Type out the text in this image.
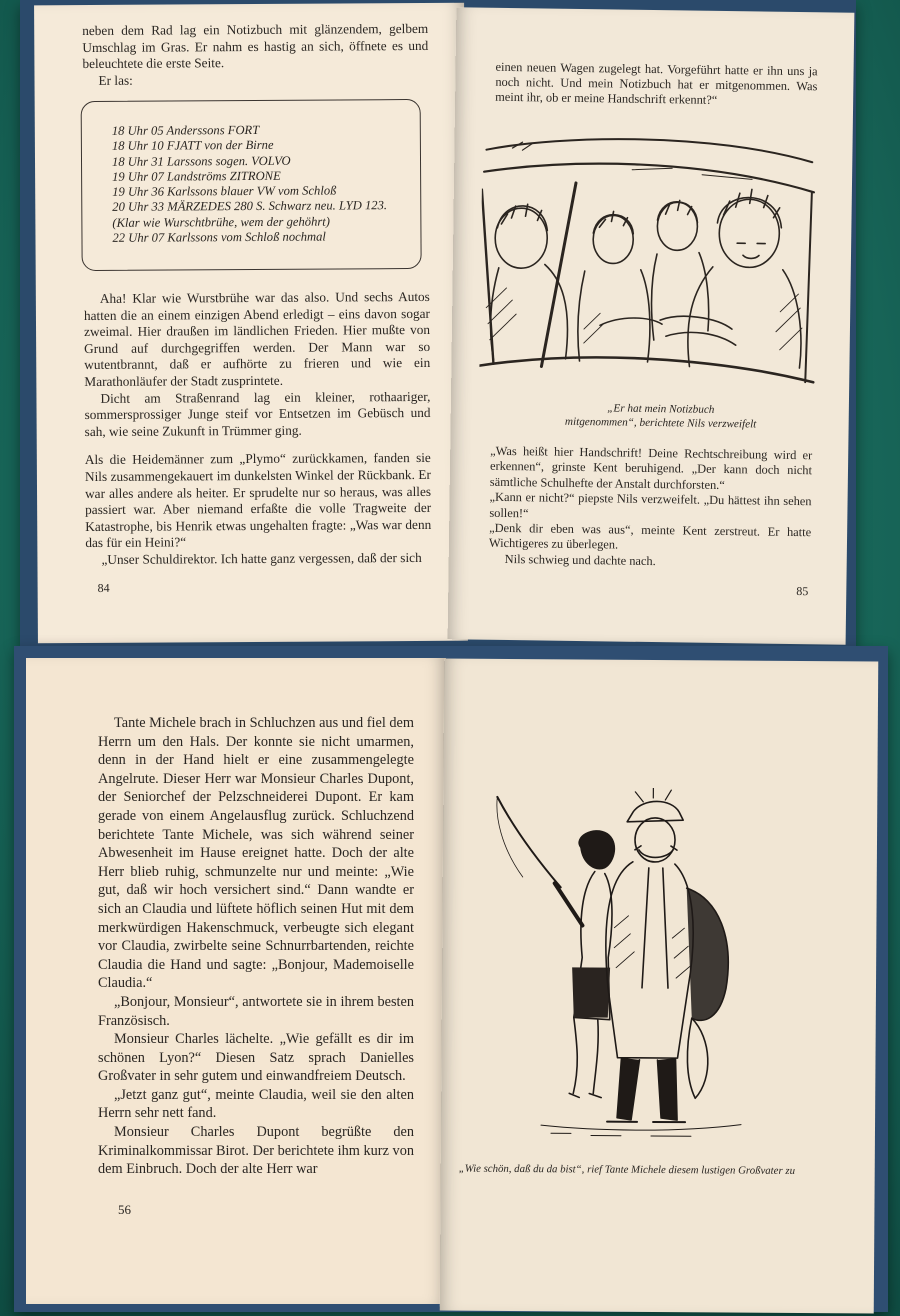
neben dem Rad lag ein Notizbuch mit glänzendem, gelbem Umschlag im Gras. Er nahm es hastig an sich, öffnete es und beleuchtete die erste Seite.

Er las:

18 Uhr 05 Anderssons FORT
18 Uhr 10 FJATT von der Birne
18 Uhr 31 Larssons sogen. VOLVO
19 Uhr 07 Landströms ZITRONE
19 Uhr 36 Karlssons blauer VW vom Schloß
20 Uhr 33 MÄRZEDES 280 S. Schwarz neu. LYD 123.
(Klar wie Wurschtbrühe, wem der gehöhrt)
22 Uhr 07 Karlssons vom Schloß nochmal

Aha! Klar wie Wurstbrühe war das also. Und sechs Autos hatten die an einem einzigen Abend erledigt – eins davon sogar zweimal. Hier draußen im ländlichen Frieden. Hier mußte von Grund auf durchgegriffen werden. Der Mann war so wutentbrannt, daß er aufhörte zu frieren und wie ein Marathonläufer der Stadt zusprintete.

Dicht am Straßenrand lag ein kleiner, rothaariger, sommersprossiger Junge steif vor Entsetzen im Gebüsch und sah, wie seine Zukunft in Trümmer ging.

Als die Heidemänner zum „Plymo“ zurückkamen, fanden sie Nils zusammengekauert im dunkelsten Winkel der Rückbank. Er war alles andere als heiter. Er sprudelte nur so heraus, was alles passiert war. Aber niemand erfaßte die volle Tragweite der Katastrophe, bis Henrik etwas ungehalten fragte: „Was war denn das für ein Heini?“

„Unser Schuldirektor. Ich hatte ganz vergessen, daß der sich

84
einen neuen Wagen zugelegt hat. Vorgeführt hatte er ihn uns ja noch nicht. Und mein Notizbuch hat er mitgenommen. Was meint ihr, ob er meine Handschrift erkennt?“
„Er hat mein Notizbuch
mitgenommen“, berichtete Nils verzweifelt

„Was heißt hier Handschrift! Deine Rechtschreibung wird er erkennen“, grinste Kent beruhigend. „Der kann doch nicht sämtliche Schulhefte der Anstalt durchforsten.“

„Kann er nicht?“ piepste Nils verzweifelt. „Du hättest ihn sehen sollen!“

„Denk dir eben was aus“, meinte Kent zerstreut. Er hatte Wichtigeres zu überlegen.

Nils schwieg und dachte nach.

85

Tante Michele brach in Schluchzen aus und fiel dem Herrn um den Hals. Der konnte sie nicht umarmen, denn in der Hand hielt er eine zusammengelegte Angelrute. Dieser Herr war Monsieur Charles Dupont, der Seniorchef der Pelzschneiderei Dupont. Er kam gerade von einem Angelausflug zurück. Schluchzend berichtete Tante Michele, was sich während seiner Abwesenheit im Hause ereignet hatte. Doch der alte Herr blieb ruhig, schmunzelte nur und meinte: „Wie gut, daß wir hoch versichert sind.“ Dann wandte er sich an Claudia und lüftete höflich seinen Hut mit dem merkwürdigen Hakenschmuck, verbeugte sich elegant vor Claudia, zwirbelte seine Schnurrbartenden, reichte Claudia die Hand und sagte: „Bonjour, Mademoiselle Claudia.“

„Bonjour, Monsieur“, antwortete sie in ihrem besten Französisch.

Monsieur Charles lächelte. „Wie gefällt es dir im schönen Lyon?“ Diesen Satz sprach Danielles Großvater in sehr gutem und einwandfreiem Deutsch.

„Jetzt ganz gut“, meinte Claudia, weil sie den alten Herrn sehr nett fand.

Monsieur Charles Dupont begrüßte den Kriminalkommissar Birot. Der berichtete ihm kurz von dem Einbruch. Doch der alte Herr war

56
„Wie schön, daß du da bist“, rief Tante Michele diesem lustigen Großvater zu
